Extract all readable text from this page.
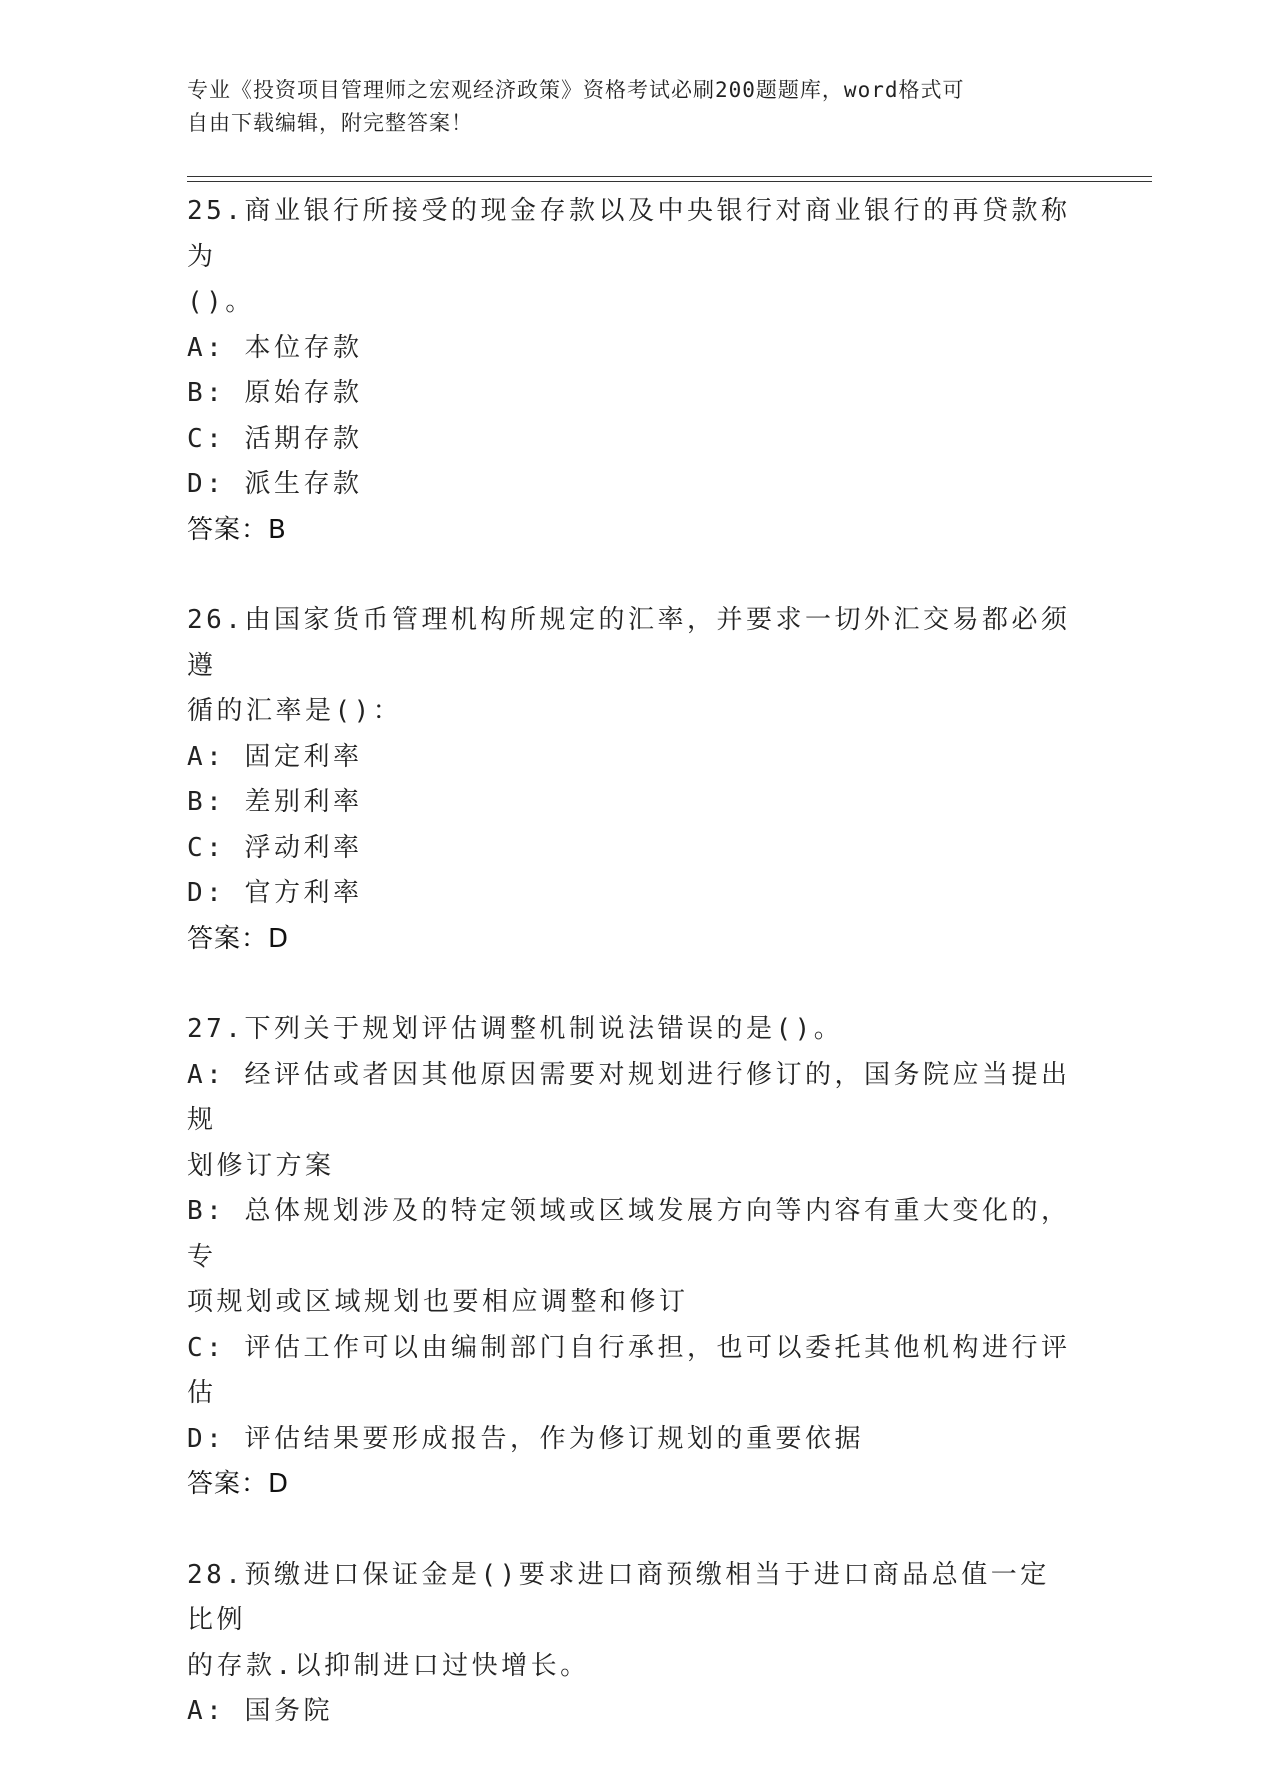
专业《投资项目管理师之宏观经济政策》资格考试必刷200题题库，word格式可
自由下载编辑，附完整答案！
25.商业银行所接受的现金存款以及中央银行对商业银行的再贷款称为
()。
A: 本位存款
B: 原始存款
C: 活期存款
D: 派生存款
答案：B
26.由国家货币管理机构所规定的汇率，并要求一切外汇交易都必须遵
循的汇率是()：
A: 固定利率
B: 差别利率
C: 浮动利率
D: 官方利率
答案：D
27.下列关于规划评估调整机制说法错误的是()。
A: 经评估或者因其他原因需要对规划进行修订的，国务院应当提出规
划修订方案
B: 总体规划涉及的特定领域或区域发展方向等内容有重大变化的，专
项规划或区域规划也要相应调整和修订
C: 评估工作可以由编制部门自行承担，也可以委托其他机构进行评估
D: 评估结果要形成报告，作为修订规划的重要依据
答案：D
28.预缴进口保证金是()要求进口商预缴相当于进口商品总值一定比例
的存款.以抑制进口过快增长。
A: 国务院
